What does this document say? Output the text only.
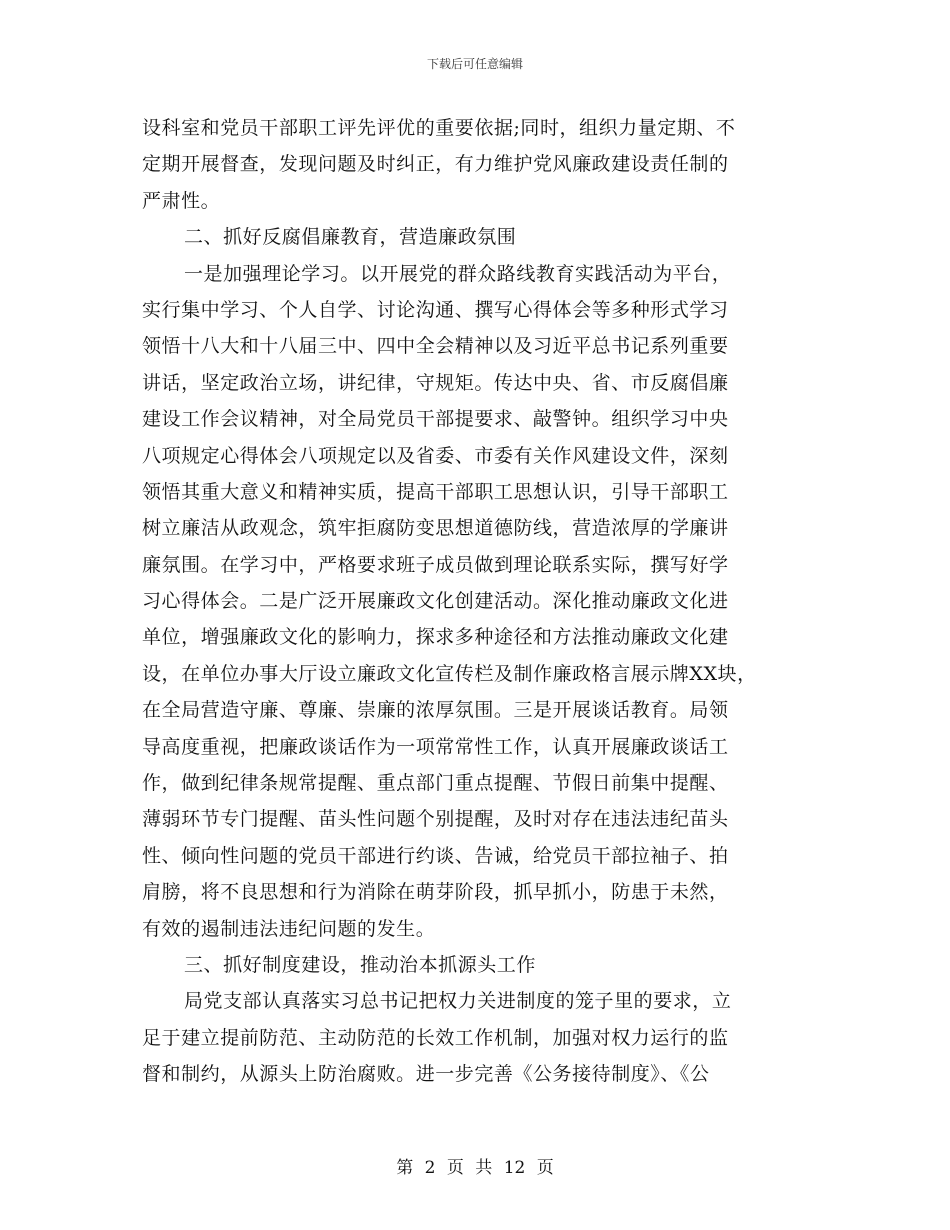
下载后可任意编辑
设科室和党员干部职工评先评优的重要依据;同时，组织力量定期、不
定期开展督查，发现问题及时纠正，有力维护党风廉政建设责任制的
严肃性。
二、抓好反腐倡廉教育，营造廉政氛围
一是加强理论学习。以开展党的群众路线教育实践活动为平台，
实行集中学习、个人自学、讨论沟通、撰写心得体会等多种形式学习
领悟十八大和十八届三中、四中全会精神以及习近平总书记系列重要
讲话，坚定政治立场，讲纪律，守规矩。传达中央、省、市反腐倡廉
建设工作会议精神，对全局党员干部提要求、敲警钟。组织学习中央
八项规定心得体会八项规定以及省委、市委有关作风建设文件，深刻
领悟其重大意义和精神实质，提高干部职工思想认识，引导干部职工
树立廉洁从政观念，筑牢拒腐防变思想道德防线，营造浓厚的学廉讲
廉氛围。在学习中，严格要求班子成员做到理论联系实际，撰写好学
习心得体会。二是广泛开展廉政文化创建活动。深化推动廉政文化进
单位，增强廉政文化的影响力，探求多种途径和方法推动廉政文化建
设，在单位办事大厅设立廉政文化宣传栏及制作廉政格言展示牌XX块，
在全局营造守廉、尊廉、崇廉的浓厚氛围。三是开展谈话教育。局领
导高度重视，把廉政谈话作为一项常常性工作，认真开展廉政谈话工
作，做到纪律条规常提醒、重点部门重点提醒、节假日前集中提醒、
薄弱环节专门提醒、苗头性问题个别提醒，及时对存在违法违纪苗头
性、倾向性问题的党员干部进行约谈、告诫，给党员干部拉袖子、拍
肩膀，将不良思想和行为消除在萌芽阶段，抓早抓小，防患于未然，
有效的遏制违法违纪问题的发生。
三、抓好制度建设，推动治本抓源头工作
局党支部认真落实习总书记把权力关进制度的笼子里的要求，立
足于建立提前防范、主动防范的长效工作机制，加强对权力运行的监
督和制约，从源头上防治腐败。进一步完善《公务接待制度》、《公
第 2 页 共 12 页
